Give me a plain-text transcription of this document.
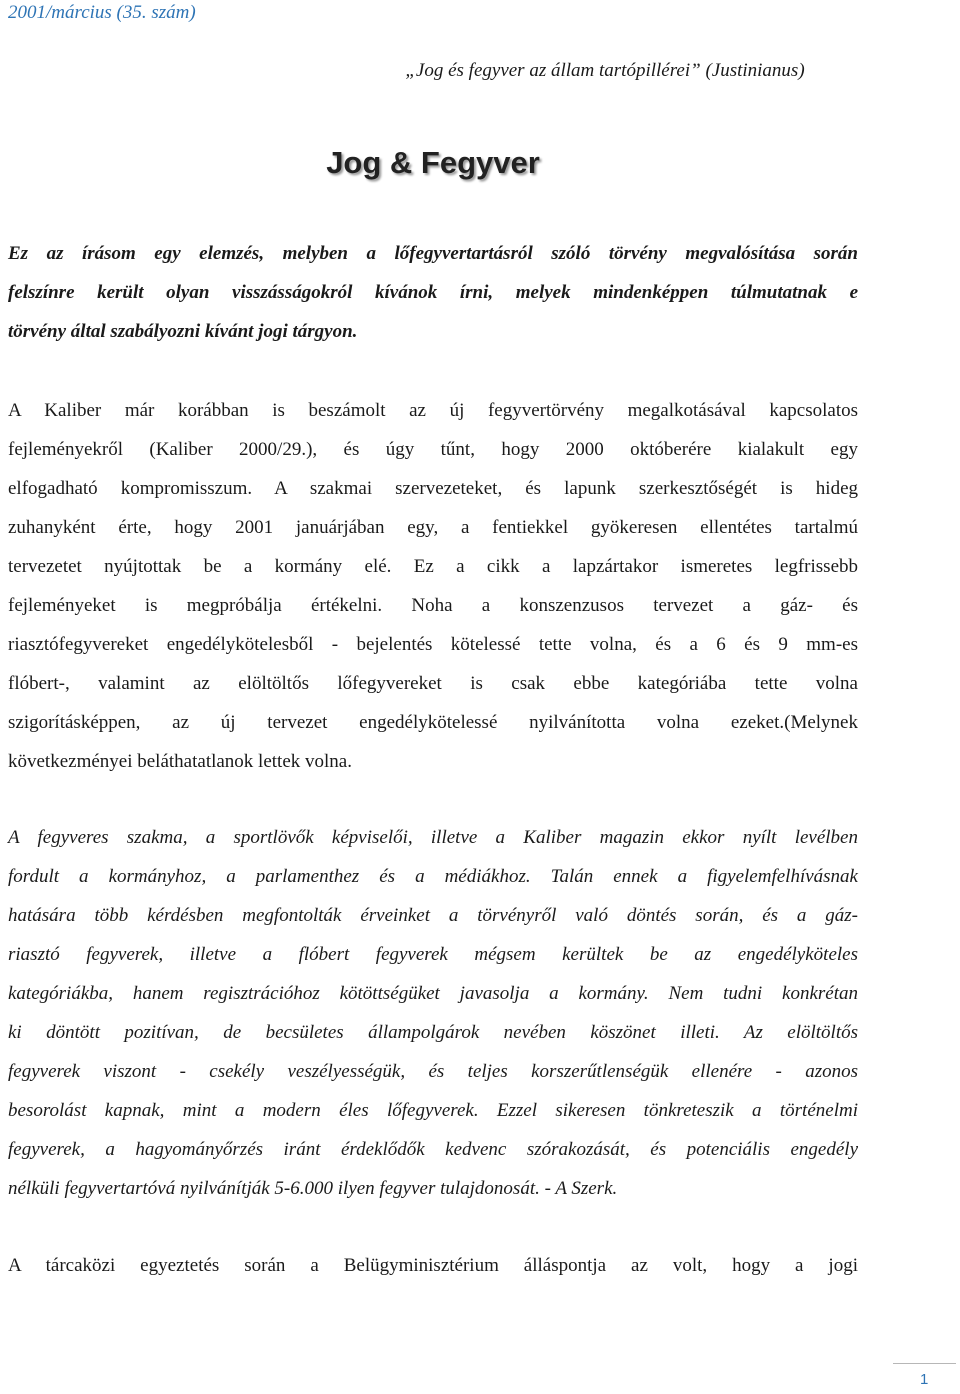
2001/március (35. szám)
„Jog és fegyver az állam tartópillérei” (Justinianus)
Jog & Fegyver
Ez az írásom egy elemzés, melyben a lőfegyvertartásról szóló törvény megvalósítása során
felszínre került olyan visszásságokról kívánok írni, melyek mindenképpen túlmutatnak e
törvény által szabályozni kívánt jogi tárgyon.
A Kaliber már korábban is beszámolt az új fegyvertörvény megalkotásával kapcsolatos
fejleményekről (Kaliber 2000/29.), és úgy tűnt, hogy 2000 októberére kialakult egy
elfogadható kompromisszum. A szakmai szervezeteket, és lapunk szerkesztőségét is hideg
zuhanyként érte, hogy 2001 januárjában egy, a fentiekkel gyökeresen ellentétes tartalmú
tervezetet nyújtottak be a kormány elé. Ez a cikk a lapzártakor ismeretes legfrissebb
fejleményeket is megpróbálja értékelni. Noha a konszenzusos tervezet a gáz- és
riasztófegyvereket engedélykötelesből - bejelentés kötelessé tette volna, és a 6 és 9 mm-es
flóbert-, valamint az elöltöltős lőfegyvereket is csak ebbe kategóriába tette volna
szigorításképpen, az új tervezet engedélykötelessé nyilvánította volna ezeket.(Melynek
következményei beláthatatlanok lettek volna.
A fegyveres szakma, a sportlövők képviselői, illetve a Kaliber magazin ekkor nyílt levélben
fordult a kormányhoz, a parlamenthez és a médiákhoz. Talán ennek a figyelemfelhívásnak
hatására több kérdésben megfontolták érveinket a törvényről való döntés során, és a gáz-
riasztó fegyverek, illetve a flóbert fegyverek mégsem kerültek be az engedélyköteles
kategóriákba, hanem regisztrációhoz kötöttségüket javasolja a kormány. Nem tudni konkrétan
ki döntött pozitívan, de becsületes állampolgárok nevében köszönet illeti. Az elöltöltős
fegyverek viszont - csekély veszélyességük, és teljes korszerűtlenségük ellenére - azonos
besorolást kapnak, mint a modern éles lőfegyverek. Ezzel sikeresen tönkreteszik a történelmi
fegyverek, a hagyományőrzés iránt érdeklődők kedvenc szórakozását, és potenciális engedély
nélküli fegyvertartóvá nyilvánítják 5-6.000 ilyen fegyver tulajdonosát. - A Szerk.
A tárcaközi egyeztetés során a Belügyminisztérium álláspontja az volt, hogy a jogi
1
